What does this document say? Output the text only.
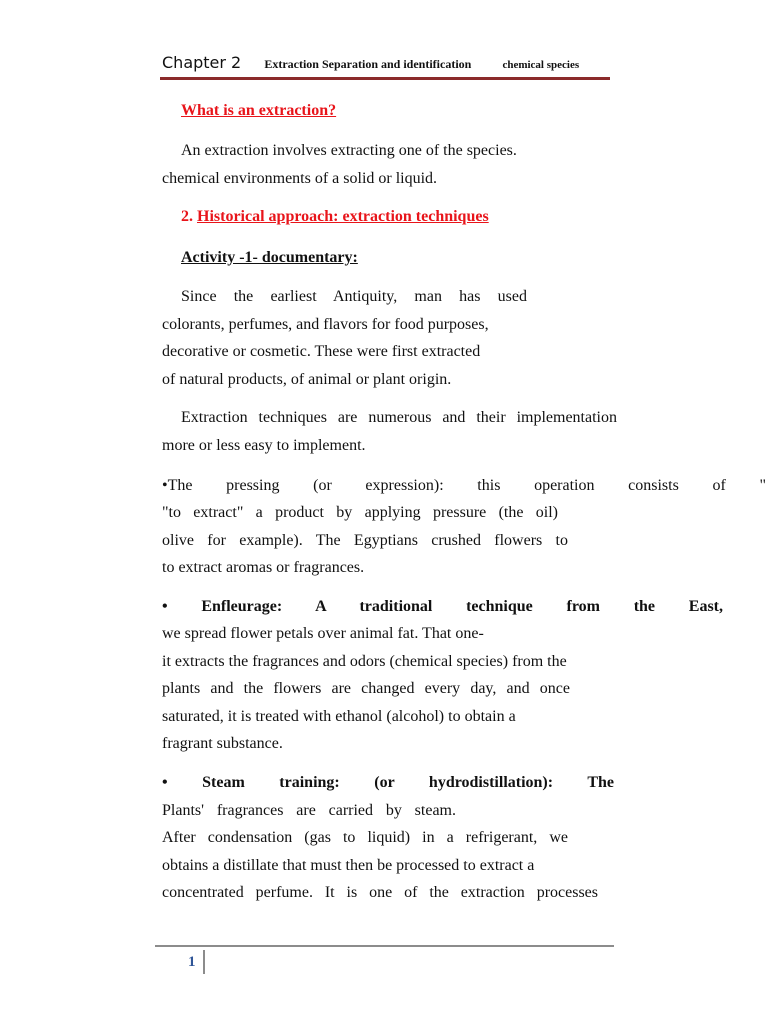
Chapter 2 Extraction Separation and identification	chemical species

What is an extraction?

An extraction involves extracting one of the species.

chemical environments of a solid or liquid.

2. Historical approach: extraction techniques

Activity -1- documentary:

Since the earliest Antiquity, man has used
colorants, perfumes, and flavors for food purposes,
decorative or cosmetic. These were first extracted
of natural products, of animal or plant origin.
Extraction techniques are numerous and their implementation
more or less easy to implement.
•The pressing (or expression): this operation consists of "
"to extract" a product by applying pressure (the oil)
olive for example). The Egyptians crushed flowers to
to extract aromas or fragrances.
• Enfleurage: A traditional technique from the East,
we spread flower petals over animal fat. That one-
it extracts the fragrances and odors (chemical species) from the
plants and the flowers are changed every day, and once
saturated, it is treated with ethanol (alcohol) to obtain a
fragrant substance.
• Steam training: (or hydrodistillation): The
Plants' fragrances are carried by steam.
After condensation (gas to liquid) in a refrigerant, we
obtains a distillate that must then be processed to extract a
concentrated perfume. It is one of the extraction processes

1
